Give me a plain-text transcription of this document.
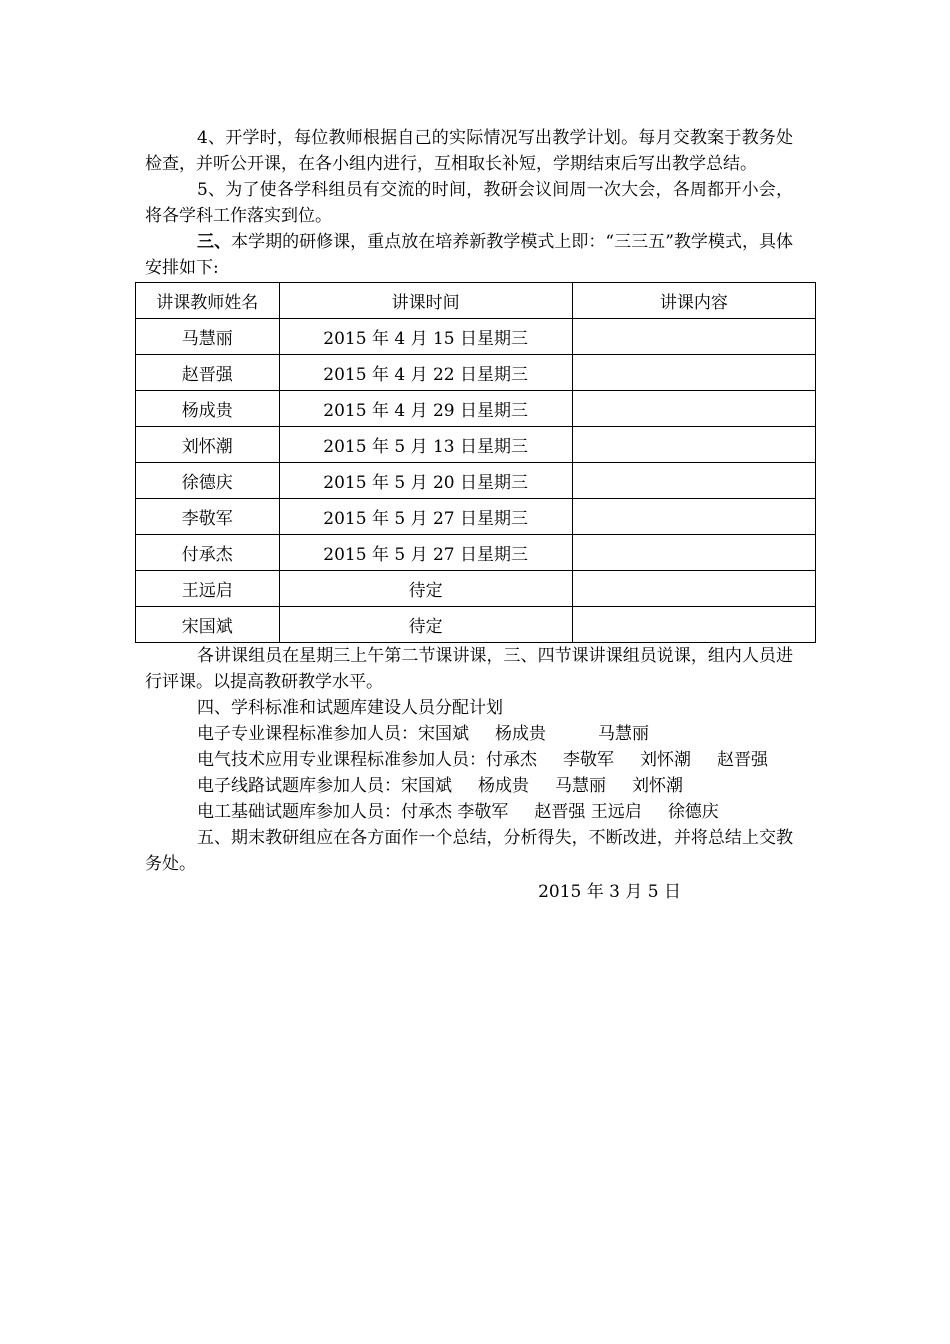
4、开学时，每位教师根据自己的实际情况写出教学计划。每月交教案于教务处检查，并听公开课，在各小组内进行，互相取长补短，学期结束后写出教学总结。

5、为了使各学科组员有交流的时间，教研会议间周一次大会，各周都开小会，将各学科工作落实到位。

三、本学期的研修课，重点放在培养新教学模式上即：“三三五”教学模式，具体安排如下:

讲课教师姓名	讲课时间	讲课内容
马慧丽	2015 年 4 月 15 日星期三	
赵晋强	2015 年 4 月 22 日星期三	
杨成贵	2015 年 4 月 29 日星期三	
刘怀潮	2015 年 5 月 13 日星期三	
徐德庆	2015 年 5 月 20 日星期三	
李敬军	2015 年 5 月 27 日星期三	
付承杰	2015 年 5 月 27 日星期三	
王远启	待定	
宋国斌	待定	

各讲课组员在星期三上午第二节课讲课，三、四节课讲课组员说课，组内人员进行评课。以提高教研教学水平。

四、学科标准和试题库建设人员分配计划

电子专业课程标准参加人员：宋国斌 杨成贵	马慧丽

电气技术应用专业课程标准参加人员：付承杰 李敬军 刘怀潮 赵晋强

电子线路试题库参加人员：宋国斌 杨成贵 马慧丽 刘怀潮

电工基础试题库参加人员：付承杰 李敬军 赵晋强 王远启 徐德庆

五、期末教研组应在各方面作一个总结，分析得失，不断改进，并将总结上交教务处。

2015 年 3 月 5 日
